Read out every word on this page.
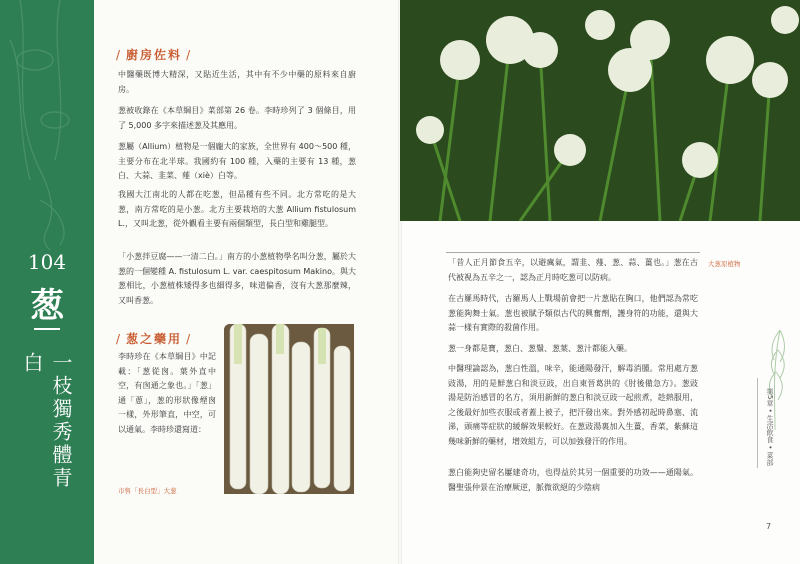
104
葱
一枝獨秀體青白
/ 廚房佐料 /
中醫藥既博大精深，又貼近生活，其中有不少中藥的原料來自廚房。
葱被收錄在《本草綱目》菜部第 26 卷。李時珍列了 3 個條目，用了 5,000 多字來描述葱及其應用。
葱屬（Allium）植物是一個龐大的家族，全世界有 400～500 種，主要分布在北半球。我國約有 100 種，入藥的主要有 13 種，葱白、大蒜、韭菜、薤（xiè）白等。
我國大江南北的人都在吃葱，但品種有些不同。北方常吃的是大葱，南方常吃的是小葱。北方主要栽培的大葱 Allium fistulosum L.，又叫北葱，從外觀看主要有兩個類型，長白型和雞腿型。
「小葱拌豆腐——一清二白。」南方的小葱植物學名叫分葱，屬於大葱的一個變種 A. fistulosum L. var. caespitosum Makino。與大葱相比，小葱植株矮得多也細得多，味道偏香，沒有大葱那麼辣，又叫香葱。
/ 葱之藥用 /
李時珍在《本草綱目》中記載：「葱從囪。葉外直中空，有囪通之象也。」「葱」通「蔥」，葱的形狀像煙囪一樣，外形筆直，中空，可以通氣。李時珍還寫道：
市售「長白型」大葱
大葱原植物
「昔人正月節食五辛，以避癘氣，謂韭、薤、葱、蒜、薑也。」葱在古代被視為五辛之一，認為正月時吃葱可以防病。
在古羅馬時代，古羅馬人上戰場前會把一片葱貼在胸口，他們認為常吃葱能夠舞士氣。葱也被賦予類似古代的興奮劑，護身符的功能，還與大蒜一樣有實際的殺菌作用。
葱一身都是寶，葱白、葱鬚、葱葉、葱汁都能入藥。
中醫理論認為，葱白性溫，味辛，能通陽發汗，解毒消腫。常用處方葱豉湯，用的是鮮葱白和淡豆豉，出自東晉葛洪的《肘後備急方》。葱豉湯是防治感冒的名方，須用新鮮的葱白和淡豆豉一起煎煮，趁熱服用，之後最好加些衣服或者蓋上被子，把汗發出來。對外感初起時鼻塞、流涕，頭痛等症狀的緩解效果較好。在葱豉湯裏加入生薑，香菜，紫蘇這幾味新鮮的藥材，增效組方，可以加強發汗的作用。
葱白能夠史留名屢建奇功，也得益於其另一個重要的功效——通陽氣。醫聖張仲景在治療厥逆，脈微欲絕的少陰病
第5章 • 生活飲食 • 菜部
7
